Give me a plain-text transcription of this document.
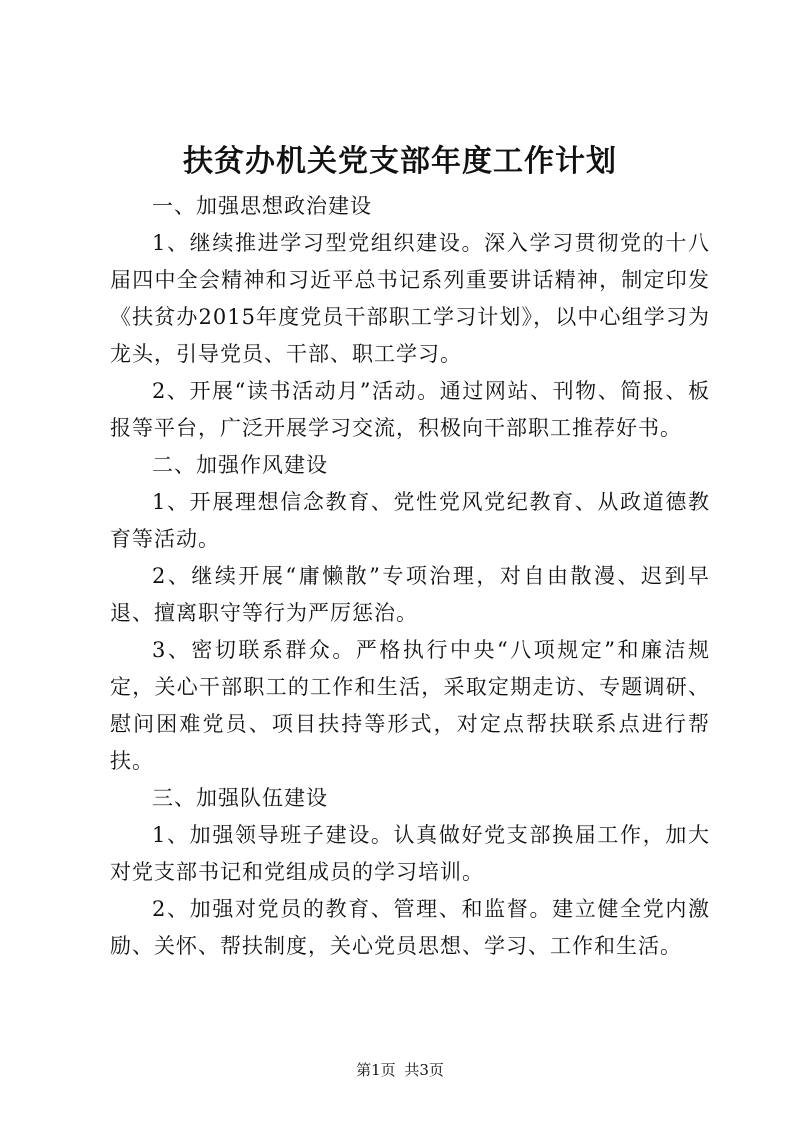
扶贫办机关党支部年度工作计划

一、加强思想政治建设

1、继续推进学习型党组织建设。深入学习贯彻党的十八届四中全会精神和习近平总书记系列重要讲话精神，制定印发《扶贫办2015年度党员干部职工学习计划》，以中心组学习为龙头，引导党员、干部、职工学习。

2、开展“读书活动月”活动。通过网站、刊物、简报、板报等平台，广泛开展学习交流，积极向干部职工推荐好书。

二、加强作风建设

1、开展理想信念教育、党性党风党纪教育、从政道德教育等活动。

2、继续开展“庸懒散”专项治理，对自由散漫、迟到早退、擅离职守等行为严厉惩治。

3、密切联系群众。严格执行中央“八项规定”和廉洁规定，关心干部职工的工作和生活，采取定期走访、专题调研、慰问困难党员、项目扶持等形式，对定点帮扶联系点进行帮扶。

三、加强队伍建设

1、加强领导班子建设。认真做好党支部换届工作，加大对党支部书记和党组成员的学习培训。

2、加强对党员的教育、管理、和监督。建立健全党内激励、关怀、帮扶制度，关心党员思想、学习、工作和生活。

第1页 共3页
